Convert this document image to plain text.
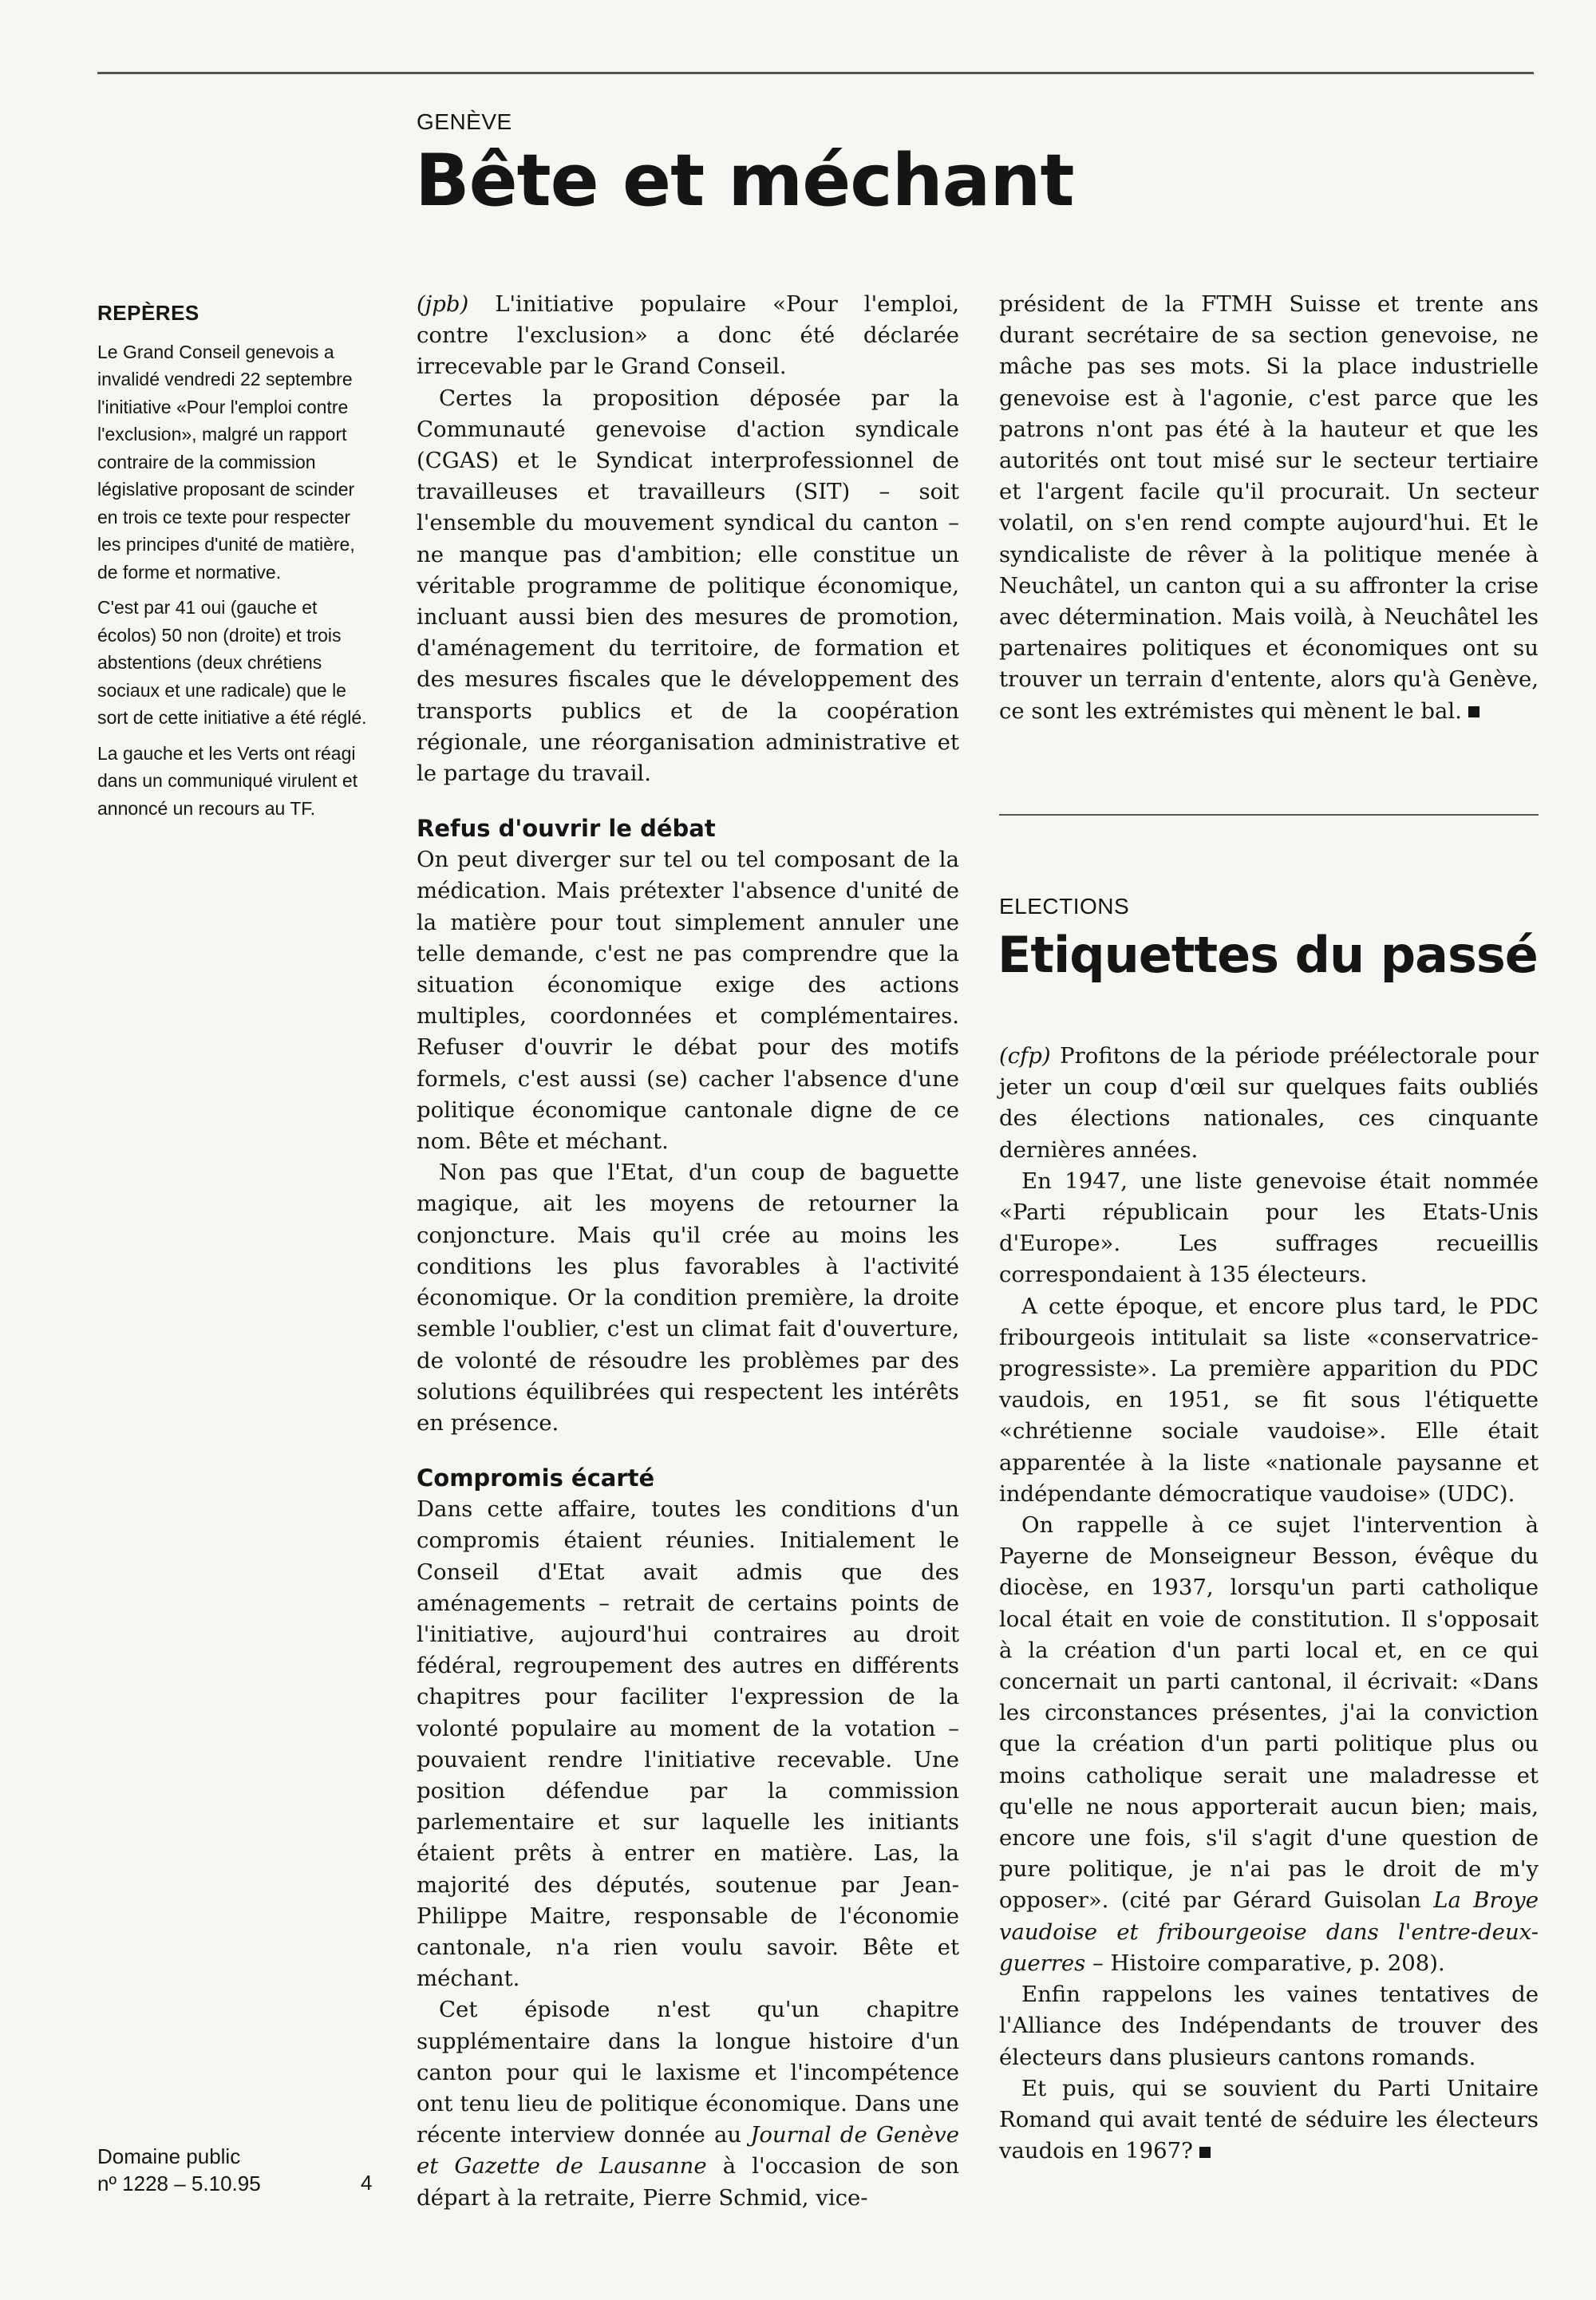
REPÈRES

Le Grand Conseil genevois a invalidé vendredi 22 septembre l'initiative «Pour l'emploi contre l'exclusion», malgré un rapport contraire de la commission législative proposant de scinder en trois ce texte pour respecter les principes d'unité de matière, de forme et normative.

C'est par 41 oui (gauche et écolos) 50 non (droite) et trois abstentions (deux chrétiens sociaux et une radicale) que le sort de cette initiative a été réglé.

La gauche et les Verts ont réagi dans un communiqué virulent et annoncé un recours au TF.

Domaine public
nº 1228 – 5.10.95	4
GENÈVE
Bête et méchant

(jpb) L'initiative populaire «Pour l'emploi, contre l'exclusion» a donc été déclarée irrecevable par le Grand Conseil.

Certes la proposition déposée par la Communauté genevoise d'action syndicale (CGAS) et le Syndicat interprofessionnel de travailleuses et travailleurs (SIT) – soit l'ensemble du mouvement syndical du canton – ne manque pas d'ambition; elle constitue un véritable programme de politique économique, incluant aussi bien des mesures de promotion, d'aménagement du territoire, de formation et des mesures fiscales que le développement des transports publics et de la coopération régionale, une réorganisation administrative et le partage du travail.

Refus d'ouvrir le débat

On peut diverger sur tel ou tel composant de la médication. Mais prétexter l'absence d'unité de la matière pour tout simplement annuler une telle demande, c'est ne pas comprendre que la situation économique exige des actions multiples, coordonnées et complémentaires. Refuser d'ouvrir le débat pour des motifs formels, c'est aussi (se) cacher l'absence d'une politique économique cantonale digne de ce nom. Bête et méchant.

Non pas que l'Etat, d'un coup de baguette magique, ait les moyens de retourner la conjoncture. Mais qu'il crée au moins les conditions les plus favorables à l'activité économique. Or la condition première, la droite semble l'oublier, c'est un climat fait d'ouverture, de volonté de résoudre les problèmes par des solutions équilibrées qui respectent les intérêts en présence.

Compromis écarté

Dans cette affaire, toutes les conditions d'un compromis étaient réunies. Initialement le Conseil d'Etat avait admis que des aménagements – retrait de certains points de l'initiative, aujourd'hui contraires au droit fédéral, regroupement des autres en différents chapitres pour faciliter l'expression de la volonté populaire au moment de la votation – pouvaient rendre l'initiative recevable. Une position défendue par la commission parlementaire et sur laquelle les initiants étaient prêts à entrer en matière. Las, la majorité des députés, soutenue par Jean-Philippe Maitre, responsable de l'économie cantonale, n'a rien voulu savoir. Bête et méchant.

Cet épisode n'est qu'un chapitre supplémentaire dans la longue histoire d'un canton pour qui le laxisme et l'incompétence ont tenu lieu de politique économique. Dans une récente interview donnée au Journal de Genève et Gazette de Lausanne à l'occasion de son départ à la retraite, Pierre Schmid, vice-

président de la FTMH Suisse et trente ans durant secrétaire de sa section genevoise, ne mâche pas ses mots. Si la place industrielle genevoise est à l'agonie, c'est parce que les patrons n'ont pas été à la hauteur et que les autorités ont tout misé sur le secteur tertiaire et l'argent facile qu'il procurait. Un secteur volatil, on s'en rend compte aujourd'hui. Et le syndicaliste de rêver à la politique menée à Neuchâtel, un canton qui a su affronter la crise avec détermination. Mais voilà, à Neuchâtel les partenaires politiques et économiques ont su trouver un terrain d'entente, alors qu'à Genève, ce sont les extrémistes qui mènent le bal.

ELECTIONS
Etiquettes du passé

(cfp) Profitons de la période préélectorale pour jeter un coup d'œil sur quelques faits oubliés des élections nationales, ces cinquante dernières années.

En 1947, une liste genevoise était nommée «Parti républicain pour les Etats-Unis d'Europe». Les suffrages recueillis correspondaient à 135 électeurs.

A cette époque, et encore plus tard, le PDC fribourgeois intitulait sa liste «conservatrice-progressiste». La première apparition du PDC vaudois, en 1951, se fit sous l'étiquette «chrétienne sociale vaudoise». Elle était apparentée à la liste «nationale paysanne et indépendante démocratique vaudoise» (UDC).

On rappelle à ce sujet l'intervention à Payerne de Monseigneur Besson, évêque du diocèse, en 1937, lorsqu'un parti catholique local était en voie de constitution. Il s'opposait à la création d'un parti local et, en ce qui concernait un parti cantonal, il écrivait: «Dans les circonstances présentes, j'ai la conviction que la création d'un parti politique plus ou moins catholique serait une maladresse et qu'elle ne nous apporterait aucun bien; mais, encore une fois, s'il s'agit d'une question de pure politique, je n'ai pas le droit de m'y opposer». (cité par Gérard Guisolan La Broye vaudoise et fribourgeoise dans l'entre-deux-guerres – Histoire comparative, p. 208).

Enfin rappelons les vaines tentatives de l'Alliance des Indépendants de trouver des électeurs dans plusieurs cantons romands.

Et puis, qui se souvient du Parti Unitaire Romand qui avait tenté de séduire les électeurs vaudois en 1967?
